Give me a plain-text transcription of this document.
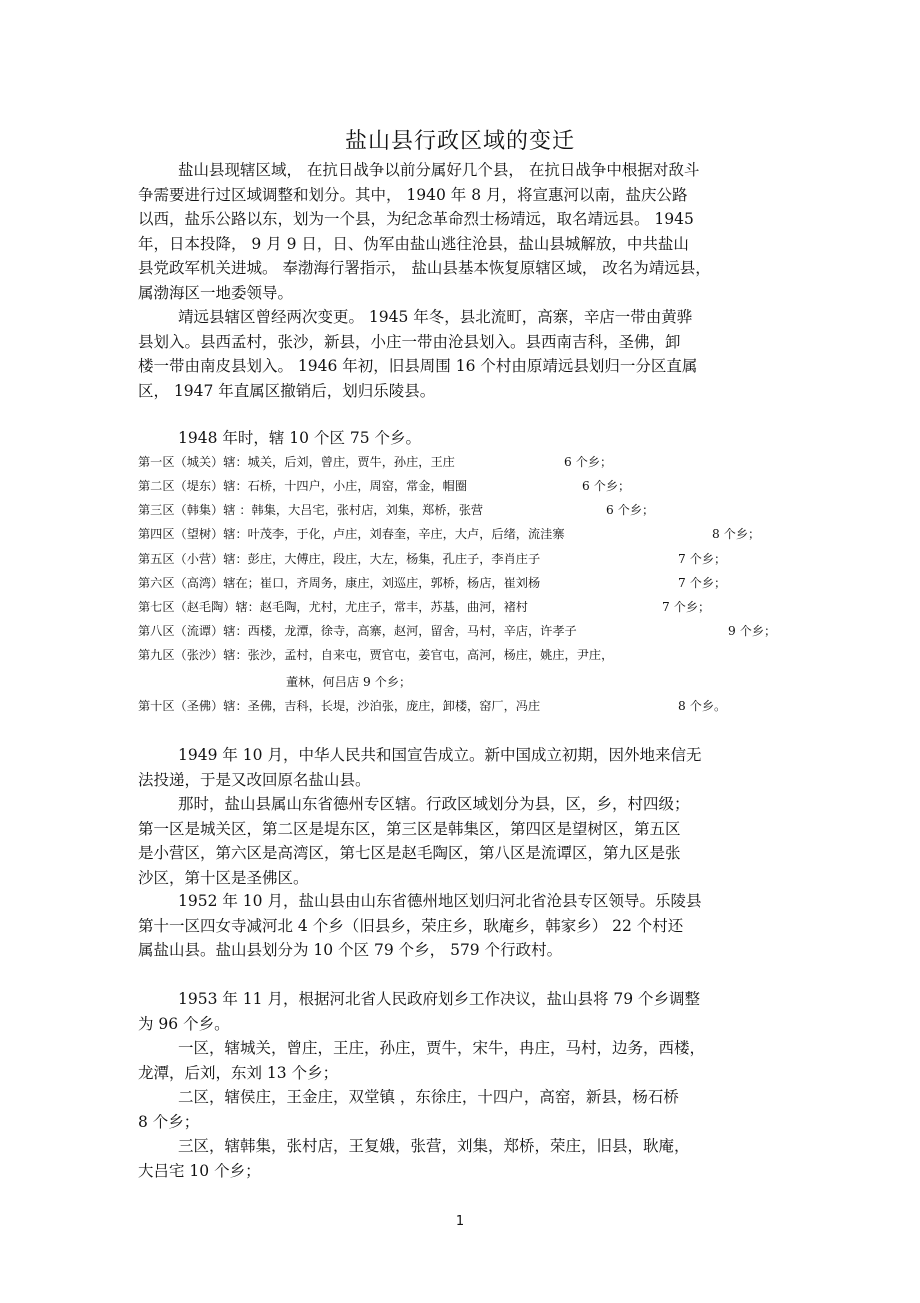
盐山县行政区域的变迁
盐山县现辖区域， 在抗日战争以前分属好几个县， 在抗日战争中根据对敌斗
争需要进行过区域调整和划分。其中， 1940 年 8 月，将宣惠河以南，盐庆公路
以西，盐乐公路以东，划为一个县，为纪念革命烈士杨靖远，取名靖远县。 1945
年，日本投降， 9 月 9 日，日、伪军由盐山逃往沧县，盐山县城解放，中共盐山
县党政军机关进城。 奉渤海行署指示， 盐山县基本恢复原辖区域， 改名为靖远县，
属渤海区一地委领导。
靖远县辖区曾经两次变更。 1945 年冬，县北流町，高寨，辛店一带由黄骅
县划入。县西孟村，张沙，新县，小庄一带由沧县划入。县西南吉科，圣佛，卸
楼一带由南皮县划入。 1946 年初，旧县周围 16 个村由原靖远县划归一分区直属
区， 1947 年直属区撤销后，划归乐陵县。
1948 年时，辖 10 个区 75 个乡。
第一区（城关）辖：城关，后刘，曾庄，贾牛，孙庄，王庄	6 个乡；
第二区（堤东）辖：石桥，十四户，小庄，周窑，常金，帽圈	6 个乡；
第三区（韩集）辖 ：韩集，大吕宅，张村店，刘集，郑桥，张营	6 个乡；
第四区（望树）辖：叶茂李，于化，卢庄，刘春奎，辛庄，大卢，后绪，流洼寨	8 个乡；
第五区（小营）辖：彭庄，大傅庄，段庄，大左，杨集，孔庄子，李肖庄子	7 个乡；
第六区（高湾）辖在；崔口，齐周务，康庄，刘巡庄，郭桥，杨店，崔刘杨	7 个乡；
第七区（赵毛陶）辖：赵毛陶，尤村，尤庄子，常丰，苏基，曲河，褚村	7 个乡；
第八区（流谭）辖：西楼，龙潭，徐寺，高寨，赵河，留舍，马村，辛店，许孝子	9 个乡；
第九区（张沙）辖：张沙，孟村，自来屯，贾官屯，姜官屯，高河，杨庄，姚庄，尹庄，
董林，何吕店 9 个乡；
第十区（圣佛）辖：圣佛，吉科，长堤，沙泊张，庞庄，卸楼，窑厂，冯庄	8 个乡。
1949 年 10 月，中华人民共和国宣告成立。新中国成立初期，因外地来信无
法投递，于是又改回原名盐山县。
那时，盐山县属山东省德州专区辖。行政区域划分为县，区，乡，村四级；
第一区是城关区，第二区是堤东区，第三区是韩集区，第四区是望树区，第五区
是小营区，第六区是高湾区，第七区是赵毛陶区，第八区是流谭区，第九区是张
沙区，第十区是圣佛区。
1952 年 10 月，盐山县由山东省德州地区划归河北省沧县专区领导。乐陵县
第十一区四女寺减河北 4 个乡（旧县乡，荣庄乡，耿庵乡，韩家乡） 22 个村还
属盐山县。盐山县划分为 10 个区 79 个乡， 579 个行政村。
1953 年 11 月，根据河北省人民政府划乡工作决议，盐山县将 79 个乡调整
为 96 个乡。
一区，辖城关，曾庄，王庄，孙庄，贾牛，宋牛，冉庄，马村，边务，西楼，
龙潭，后刘，东刘 13 个乡；
二区，辖侯庄，王金庄，双堂镇 ，东徐庄，十四户，高窑，新县，杨石桥
8 个乡；
三区，辖韩集，张村店，王复娥，张营，刘集，郑桥，荣庄，旧县，耿庵，
大吕宅 10 个乡；
1
